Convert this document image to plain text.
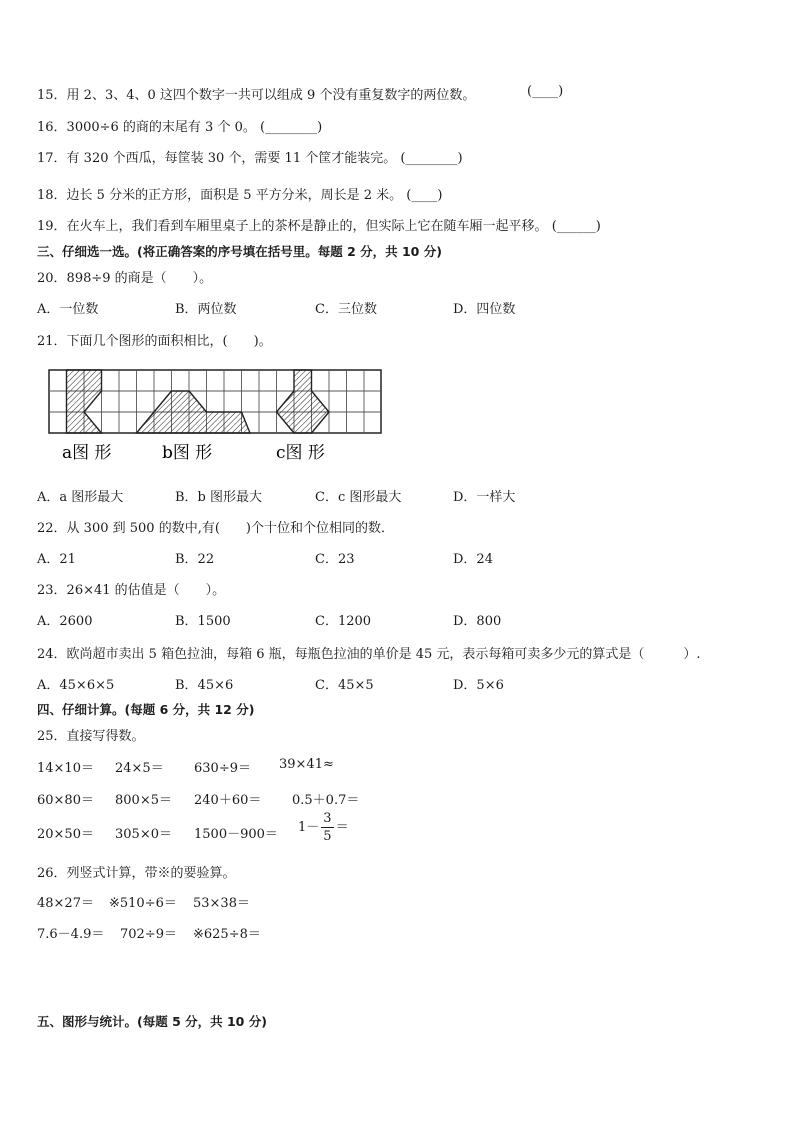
15．用 2、3、4、0 这四个数字一共可以组成 9 个没有重复数字的两位数。	(____)
16．3000÷6 的商的末尾有 3 个 0。 (________)
17．有 320 个西瓜，每筐装 30 个，需要 11 个筐才能装完。 (________)
18．边长 5 分米的正方形，面积是 5 平方分米，周长是 2 米。 (____)
19．在火车上，我们看到车厢里桌子上的茶杯是静止的，但实际上它在随车厢一起平移。 (______)
三、仔细选一选。(将正确答案的序号填在括号里。每题 2 分，共 10 分)
20．898÷9 的商是（　　）。
A．一位数	B．两位数	C．三位数	D．四位数
21．下面几个图形的面积相比，(　　)。
a图 形	b图 形	c图 形
A．a 图形最大	B．b 图形最大	C．c 图形最大	D．一样大
22．从 300 到 500 的数中,有(　　)个十位和个位相同的数．
A．21	B．22	C．23	D．24
23．26×41 的估值是（　　）。
A．2600	B．1500	C．1200	D．800
24．欧尚超市卖出 5 箱色拉油，每箱 6 瓶，每瓶色拉油的单价是 45 元，表示每箱可卖多少元的算式是（　　　）.
A．45×6×5	B．45×6	C．45×5	D．5×6
四、仔细计算。(每题 6 分，共 12 分)
25．直接写得数。
14×10＝ 24×5＝ 630÷9＝ 39×41≈
60×80＝ 800×5＝ 240＋60＝ 0.5＋0.7＝
$20\times 50= 305\times 0= 1500-900= 1- \frac{3}{5}$ ＝
26．列竖式计算，带※的要验算。
48×27＝ ※510÷6＝ 53×38＝
7.6－4.9＝ 702÷9＝ ※625÷8＝
五、图形与统计。(每题 5 分，共 10 分)
